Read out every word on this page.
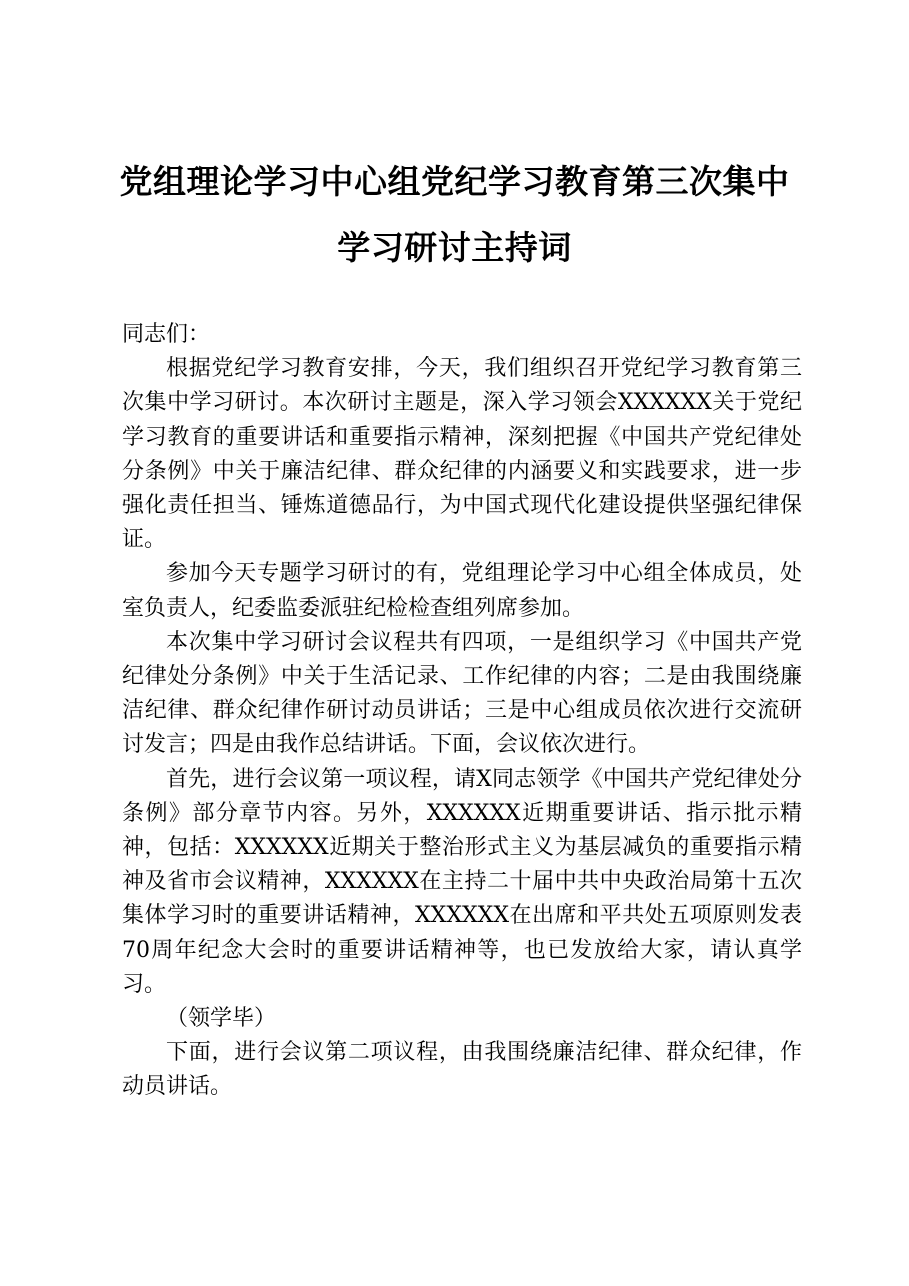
党组理论学习中心组党纪学习教育第三次集中
学习研讨主持词

同志们：

根据党纪学习教育安排，今天，我们组织召开党纪学习教育第三次集中学习研讨。本次研讨主题是，深入学习领会XXXXXX关于党纪学习教育的重要讲话和重要指示精神，深刻把握《中国共产党纪律处分条例》中关于廉洁纪律、群众纪律的内涵要义和实践要求，进一步强化责任担当、锤炼道德品行，为中国式现代化建设提供坚强纪律保证。

参加今天专题学习研讨的有，党组理论学习中心组全体成员，处室负责人，纪委监委派驻纪检检查组列席参加。

本次集中学习研讨会议程共有四项，一是组织学习《中国共产党纪律处分条例》中关于生活记录、工作纪律的内容；二是由我围绕廉洁纪律、群众纪律作研讨动员讲话；三是中心组成员依次进行交流研讨发言；四是由我作总结讲话。下面，会议依次进行。

首先，进行会议第一项议程，请X同志领学《中国共产党纪律处分条例》部分章节内容。另外，XXXXXX近期重要讲话、指示批示精神，包括：XXXXXX近期关于整治形式主义为基层减负的重要指示精神及省市会议精神，XXXXXX在主持二十届中共中央政治局第十五次集体学习时的重要讲话精神，XXXXXX在出席和平共处五项原则发表70周年纪念大会时的重要讲话精神等，也已发放给大家，请认真学习。

（领学毕）

下面，进行会议第二项议程，由我围绕廉洁纪律、群众纪律，作动员讲话。
